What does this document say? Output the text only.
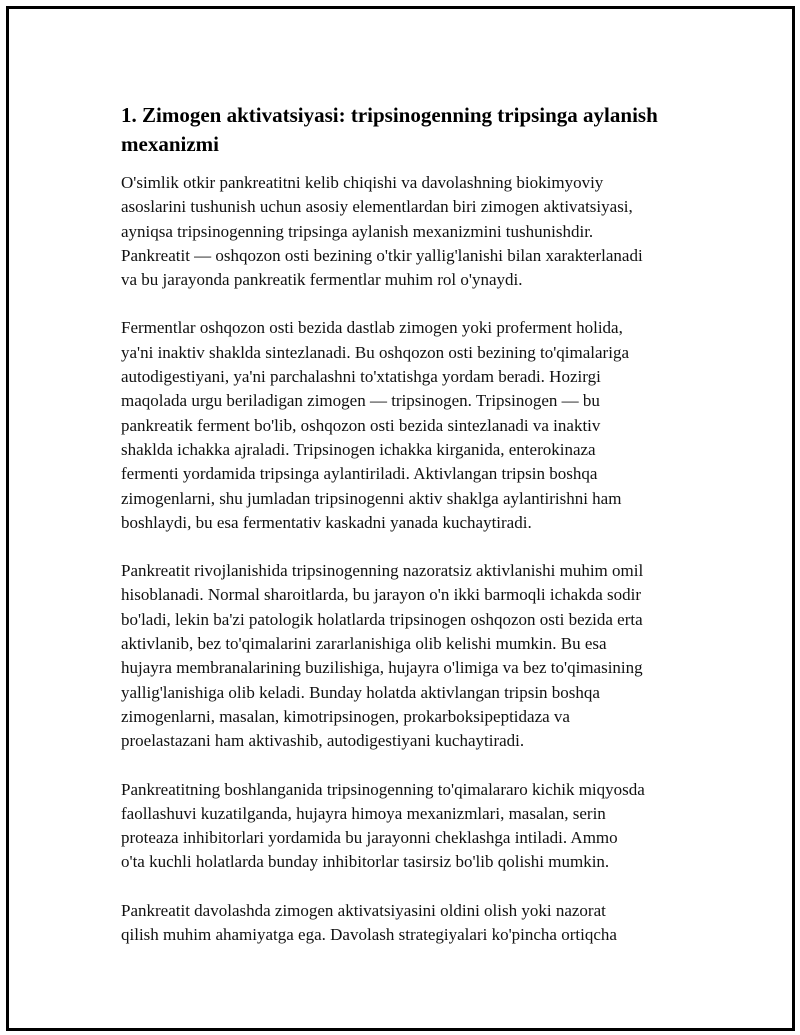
1. Zimogen aktivatsiyasi: tripsinogenning tripsinga aylanish
mexanizmi

O'simlik otkir pankreatitni kelib chiqishi va davolashning biokimyoviy
asoslarini tushunish uchun asosiy elementlardan biri zimogen aktivatsiyasi,
ayniqsa tripsinogenning tripsinga aylanish mexanizmini tushunishdir.
Pankreatit — oshqozon osti bezining o'tkir yallig'lanishi bilan xarakterlanadi
va bu jarayonda pankreatik fermentlar muhim rol o'ynaydi.

Fermentlar oshqozon osti bezida dastlab zimogen yoki proferment holida,
ya'ni inaktiv shaklda sintezlanadi. Bu oshqozon osti bezining to'qimalariga
autodigestiyani, ya'ni parchalashni to'xtatishga yordam beradi. Hozirgi
maqolada urgu beriladigan zimogen — tripsinogen. Tripsinogen — bu
pankreatik ferment bo'lib, oshqozon osti bezida sintezlanadi va inaktiv
shaklda ichakka ajraladi. Tripsinogen ichakka kirganida, enterokinaza
fermenti yordamida tripsinga aylantiriladi. Aktivlangan tripsin boshqa
zimogenlarni, shu jumladan tripsinogenni aktiv shaklga aylantirishni ham
boshlaydi, bu esa fermentativ kaskadni yanada kuchaytiradi.

Pankreatit rivojlanishida tripsinogenning nazoratsiz aktivlanishi muhim omil
hisoblanadi. Normal sharoitlarda, bu jarayon o'n ikki barmoqli ichakda sodir
bo'ladi, lekin ba'zi patologik holatlarda tripsinogen oshqozon osti bezida erta
aktivlanib, bez to'qimalarini zararlanishiga olib kelishi mumkin. Bu esa
hujayra membranalarining buzilishiga, hujayra o'limiga va bez to'qimasining
yallig'lanishiga olib keladi. Bunday holatda aktivlangan tripsin boshqa
zimogenlarni, masalan, kimotripsinogen, prokarboksipeptidaza va
proelastazani ham aktivashib, autodigestiyani kuchaytiradi.

Pankreatitning boshlanganida tripsinogenning to'qimalararo kichik miqyosda
faollashuvi kuzatilganda, hujayra himoya mexanizmlari, masalan, serin
proteaza inhibitorlari yordamida bu jarayonni cheklashga intiladi. Ammo
o'ta kuchli holatlarda bunday inhibitorlar tasirsiz bo'lib qolishi mumkin.

Pankreatit davolashda zimogen aktivatsiyasini oldini olish yoki nazorat
qilish muhim ahamiyatga ega. Davolash strategiyalari ko'pincha ortiqcha
